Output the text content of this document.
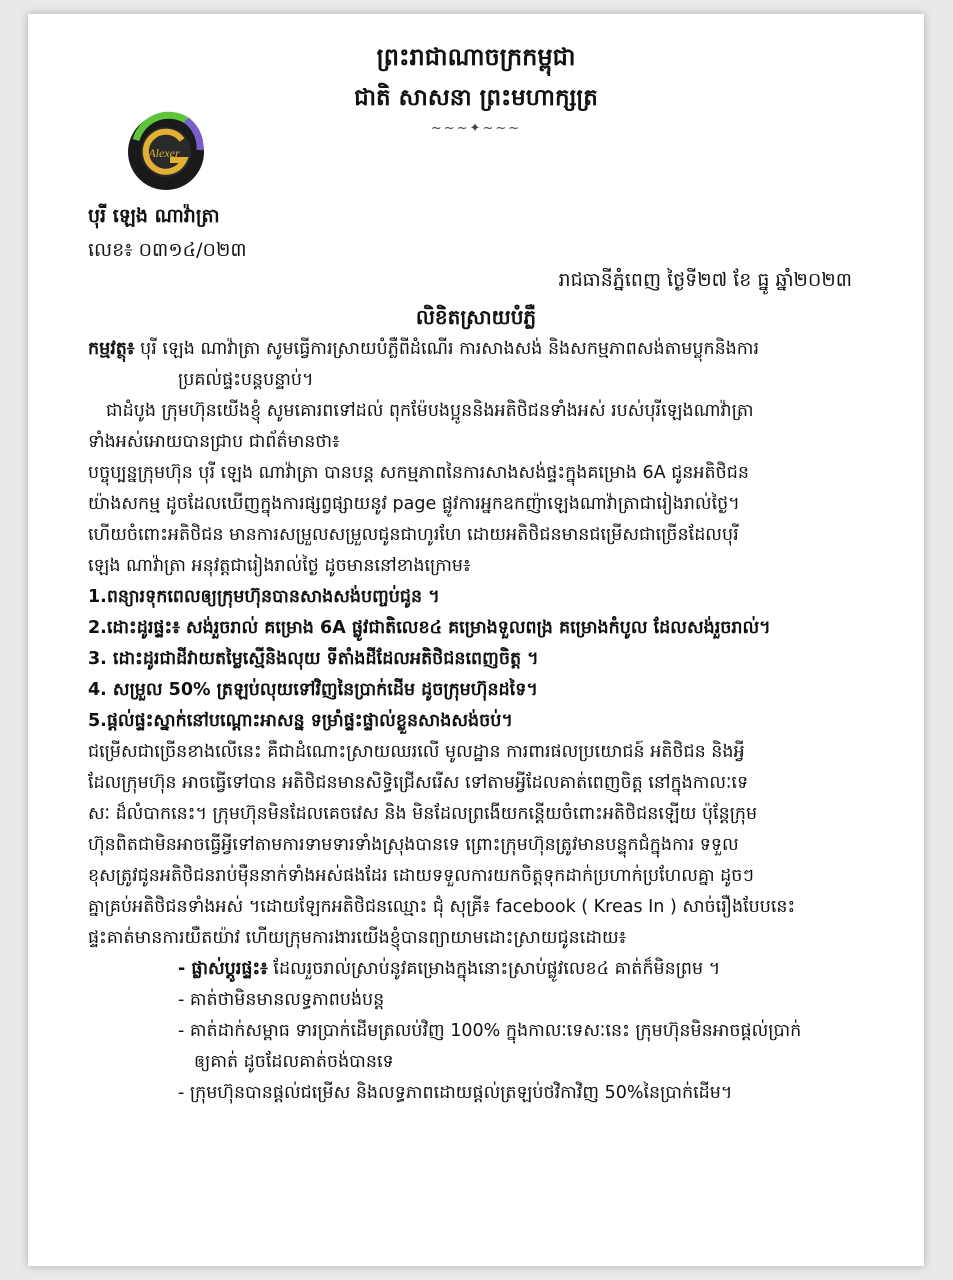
ព្រះរាជាណាចក្រកម្ពុជា
ជាតិ សាសនា ព្រះមហាក្សត្រ
~~~✦~~~
Alexer
បុរី ឡេង ណាវ៉ាត្រា
លេខ៖ ០៣១៤/០២៣
រាជធានីភ្នំពេញ ថ្ងៃទី២៧ ខែ ធ្នូ ឆ្នាំ២០២៣
លិខិតស្រាយបំភ្លឺ
កម្មវត្ថុ៖ បុរី ឡេង ណាវ៉ាត្រា សូមធ្វើការស្រាយបំភ្លឺពីដំណើរ ការសាងសង់ និងសកម្មភាពសង់តាមប្លុកនិងការ
ប្រគល់ផ្ទះបន្តបន្ទាប់។
ជាដំបូង ក្រុមហ៊ុនយើងខ្ញុំ សូមគោរពទៅដល់ ពុកម៉ែបងប្អូននិងអតិថិជនទាំងអស់ របស់បុរីឡេងណាវ៉ាត្រា
ទាំងអស់អោយបានជ្រាប ជាព័ត៌មានថា៖
បច្ចុប្បន្នក្រុមហ៊ុន បុរី ឡេង ណាវ៉ាត្រា បានបន្ត សកម្មភាពនៃការសាងសង់ផ្ទះក្នុងគម្រោង 6A ជូនអតិថិជន
យ៉ាងសកម្ម ដូចដែលឃើញក្នុងការផ្សព្វផ្សាយនូវ page ផ្លូវការអ្នកឧកញ៉ាឡេងណាវ៉ាត្រាជារៀងរាល់ថ្ងៃ។
ហើយចំពោះអតិថិជន មានការសម្រួលសម្រួលជូនជាហូរហែ ដោយអតិថិជនមានជម្រើសជាច្រើនដែលបុរី
ឡេង ណាវ៉ាត្រា អនុវត្តជារៀងរាល់ថ្ងៃ ដូចមាននៅខាងក្រោម៖
1.ពន្យារទុកពេលឲ្យក្រុមហ៊ុនបានសាងសង់បញ្ចប់ជូន ។
2.ដោះដូរផ្ទះ៖ សង់រួចរាល់ គម្រោង 6A ផ្លូវជាតិលេខ៤ គម្រោងទួលពង្រ គម្រោងកំបូល ដែលសង់រួចរាល់។
3. ដោះដូរជាដីវាយតម្លៃស្មើនិងលុយ ទីតាំងដីដែលអតិថិជនពេញចិត្ត ។
4. សម្រួល 50% ត្រឡប់លុយទៅវិញនៃប្រាក់ដើម ដូចក្រុមហ៊ុនដទៃ។
5.ផ្តល់ផ្ទះស្នាក់នៅបណ្តោះអាសន្ន ទម្រាំផ្ទះផ្ទាល់ខ្លួនសាងសង់ចប់។
ជម្រើសជាច្រើនខាងលើនេះ គឺជាដំណោះស្រាយឈរលើ មូលដ្ឋាន ការពារផលប្រយោជន៍ អតិថិជន និងអ្វី
ដែលក្រុមហ៊ុន អាចធ្វើទៅបាន អតិថិជនមានសិទ្ធិជ្រើសរើស ទៅតាមអ្វីដែលគាត់ពេញចិត្ត នៅក្នុងកាលៈទេ
សៈ ដ៏លំបាកនេះ។ ក្រុមហ៊ុនមិនដែលគេចវេស និង មិនដែលព្រងើយកន្តើយចំពោះអតិថិជនឡើយ ប៉ុន្តែក្រុម
ហ៊ុនពិតជាមិនអាចធ្វើអ្វីទៅតាមការទាមទារទាំងស្រុងបានទេ ព្រោះក្រុមហ៊ុនត្រូវមានបន្ទុកជំក្នុងការ ទទួល
ខុសត្រូវជូនអតិថិជនរាប់ម៉ឺននាក់ទាំងអស់ផងដែរ ដោយទទួលការយកចិត្តទុកដាក់ប្រហាក់ប្រហែលគ្នា ដូចៗ
គ្នាគ្រប់អតិថិជនទាំងអស់ ។ដោយឡែកអតិថិជនឈ្មោះ ជុំ សុគ្រី៖ facebook ( Kreas In ) សាច់រឿងបែបនេះ
ផ្ទះគាត់មានការយឺតយ៉ាវ ហើយក្រុមការងារយើងខ្ញុំបានព្យាយាមដោះស្រាយជូនដោយ៖
- ផ្លាស់ប្តូរផ្ទះ៖ ដែលរួចរាល់ស្រាប់នូវគម្រោងក្នុងនោះស្រាប់ផ្លូវលេខ៤ គាត់ក៏មិនព្រម ។
- គាត់ថាមិនមានលទ្ធភាពបង់បន្ត
- គាត់ដាក់សម្ពាធ ទារប្រាក់ដើមត្រលប់វិញ 100% ក្នុងកាលៈទេសៈនេះ ក្រុមហ៊ុនមិនអាចផ្តល់ប្រាក់
ឲ្យគាត់ ដូចដែលគាត់ចង់បានទេ
- ក្រុមហ៊ុនបានផ្តល់ជម្រើស និងលទ្ធភាពដោយផ្តល់ត្រឡប់ថវិកាវិញ 50%នៃប្រាក់ដើម។
